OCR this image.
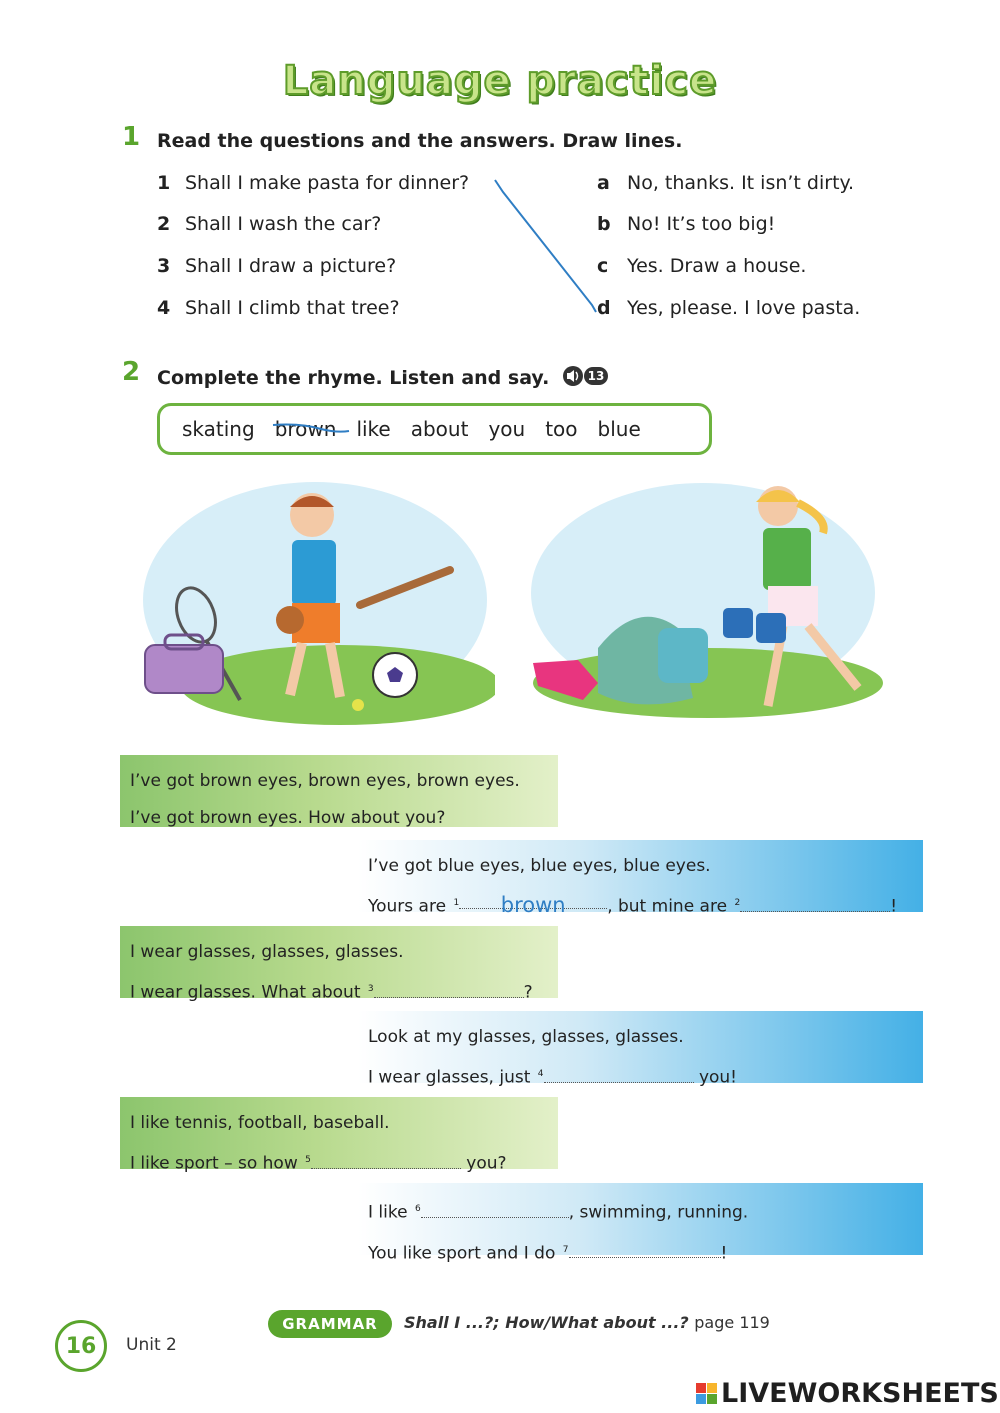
Language practice
1 Read the questions and the answers. Draw lines.
1 Shall I make pasta for dinner?
2 Shall I wash the car?
3 Shall I draw a picture?
4 Shall I climb that tree?
a No, thanks. It isn’t dirty.
b No! It’s too big!
c Yes. Draw a house.
d Yes, please. I love pasta.
2 Complete the rhyme. Listen and say.	13
skating brown like about you too blue
I’ve got brown eyes, brown eyes, brown eyes.
I’ve got brown eyes. How about you?
I’ve got blue eyes, blue eyes, blue eyes.
Yours are $^1$ brown , but mine are $^2$	!
I wear glasses, glasses, glasses.
I wear glasses. What about $^3$	?
Look at my glasses, glasses, glasses.
I wear glasses, just $^4$	you!
I like tennis, football, baseball.
I like sport – so how $^5$	you?
I like $^6$	, swimming, running.
You like sport and I do $^7$	!
16	Unit 2
GRAMMAR	Shall I ...?; How/What about ...? page 119
LIVEWORKSHEETS
